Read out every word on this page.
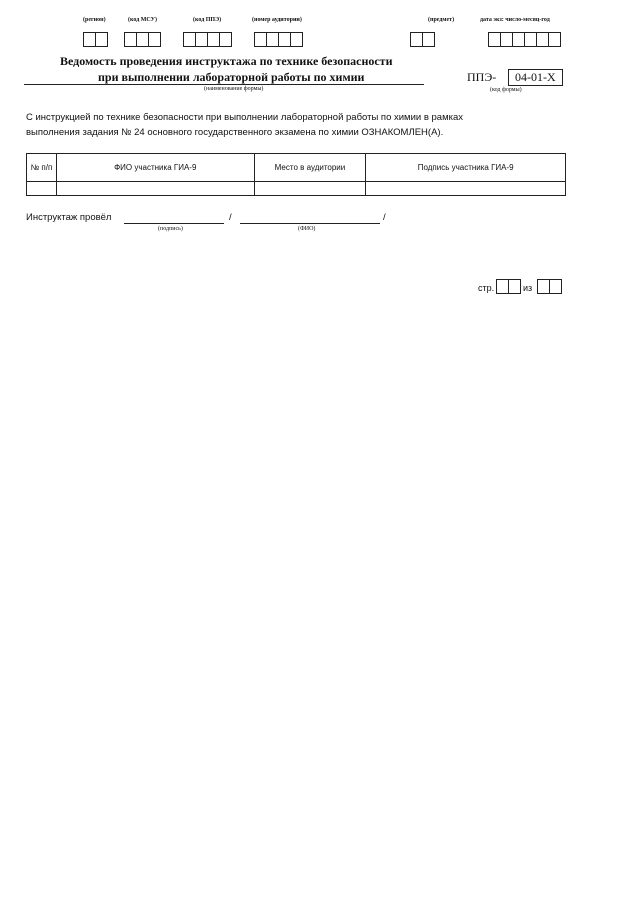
(регион)	(код МСУ)	(код ППЭ)	(номер аудитории)	(предмет)	дата экз: число-месяц-год
Ведомость проведения инструктажа по технике безопасности
при выполнении лабораторной работы по химии
(наименование формы)
ППЭ-	04-01-Х
(код формы)
С инструкцией по технике безопасности при выполнении лабораторной работы по химии в рамках
выполнения задания № 24 основного государственного экзамена по химии ОЗНАКОМЛЕН(А).
№ п/п	ФИО участника ГИА-9	Место в аудитории	Подпись участника ГИА-9

Инструктаж провёл	/	/
(подпись)	(ФИО)
стр.	из
